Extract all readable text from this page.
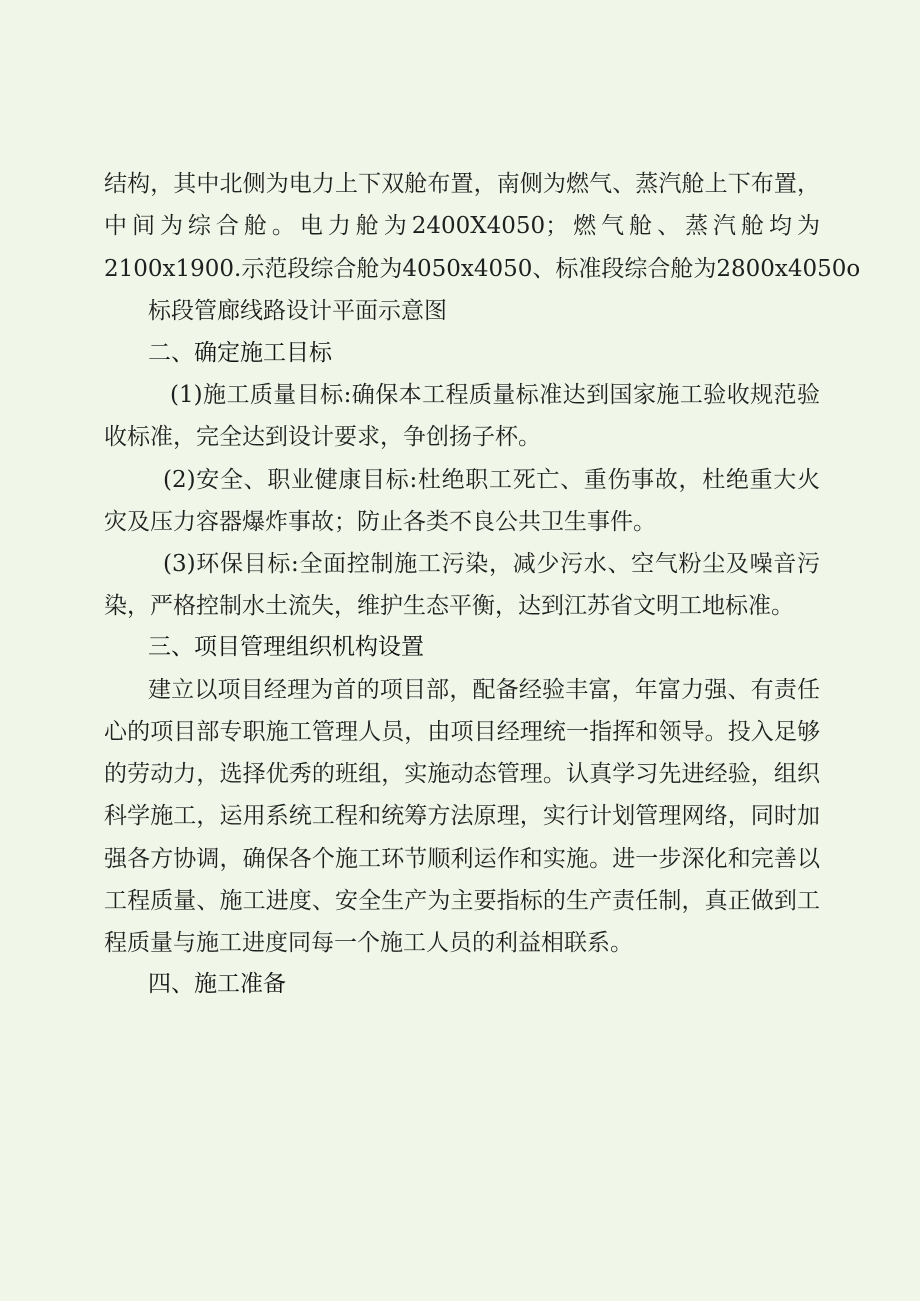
结构，其中北侧为电力上下双舱布置，南侧为燃气、蒸汽舱上下布置，
中间为综合舱。电力舱为2400X4050；燃气舱、蒸汽舱均为
2100x1900.示范段综合舱为4050x4050、标准段综合舱为2800x4050o
标段管廊线路设计平面示意图
二、确定施工目标
(1)施工质量目标:确保本工程质量标准达到国家施工验收规范验
收标准，完全达到设计要求，争创扬子杯。
(2)安全、职业健康目标:杜绝职工死亡、重伤事故，杜绝重大火
灾及压力容器爆炸事故；防止各类不良公共卫生事件。
(3)环保目标:全面控制施工污染，减少污水、空气粉尘及噪音污
染，严格控制水土流失，维护生态平衡，达到江苏省文明工地标准。
三、项目管理组织机构设置
建立以项目经理为首的项目部，配备经验丰富，年富力强、有责任
心的项目部专职施工管理人员，由项目经理统一指挥和领导。投入足够
的劳动力，选择优秀的班组，实施动态管理。认真学习先进经验，组织
科学施工，运用系统工程和统筹方法原理，实行计划管理网络，同时加
强各方协调，确保各个施工环节顺利运作和实施。进一步深化和完善以
工程质量、施工进度、安全生产为主要指标的生产责任制，真正做到工
程质量与施工进度同每一个施工人员的利益相联系。
四、施工准备
